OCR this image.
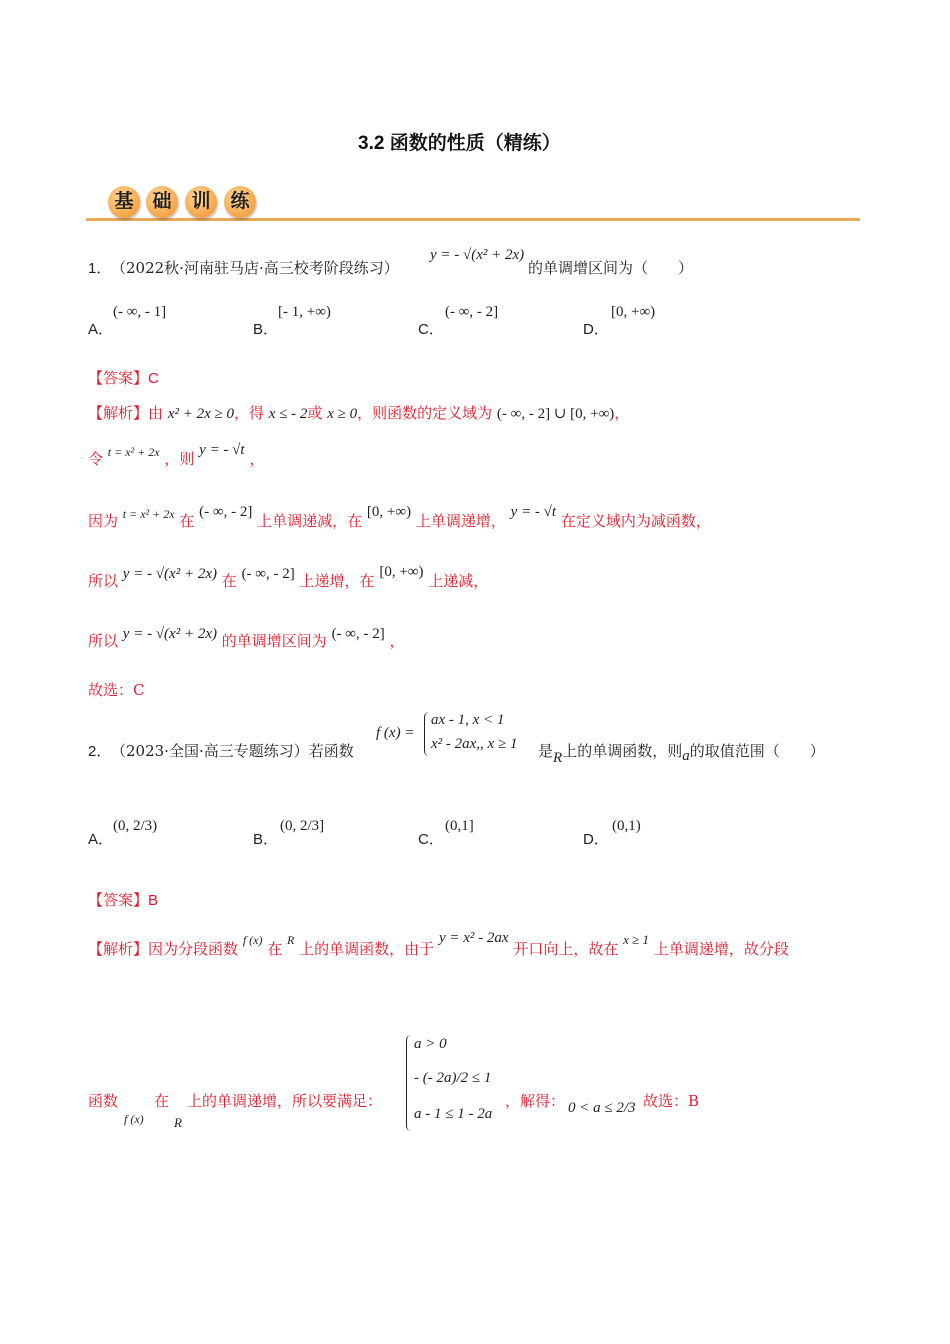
3.2 函数的性质（精练）
基 础	训	练
1． （2022秋·河南驻马店·高三校考阶段练习）
y = - √(x² + 2x)
的单调增区间为（　　）
A．
(- ∞, - 1]
B．
[- 1, +∞)
C．
(- ∞, - 2]
D．
[0, +∞)
【答案】C
【解析】由 x² + 2x ≥ 0，得 x ≤ - 2或 x ≥ 0，则函数的定义域为 (- ∞, - 2] ∪ [0, +∞)，
令 $^{t = x^2 + 2x}$ ，则 y = - √t ，
因为 $^{t = x^2 + 2x}$ 在 (- ∞, - 2] 上单调递减，在 [0, +∞) 上单调递增， y = - √t 在定义域内为减函数，
所以 y = - √(x² + 2x) 在 (- ∞, - 2] 上递增，在 [0, +∞) 上递减，
所以 y = - √(x² + 2x) 的单调增区间为 (- ∞, - 2] ，
故选：C
2． （2023·全国·高三专题练习）若函数
f (x) =
ax - 1, x < 1
x² - 2ax,, x ≥ 1 是R上的单调函数，则a的取值范围（　　）
A．
(0, 2/3)
B．
(0, 2/3]
C．
(0,1]
D．
(0,1)
【答案】B
【解析】因为分段函数 $^{f (x)}$ 在 $^R$ 上的单调函数，由于 y = x² - 2ax 开口向上，故在 x ≥ 1 上单调递增，故分段
函数
f (x)
在
R
上的单调递增，所以要满足：
a > 0
- (- 2a)/2 ≤ 1
a - 1 ≤ 1 - 2a
，解得： 0 < a ≤ 2/3 故选：B
